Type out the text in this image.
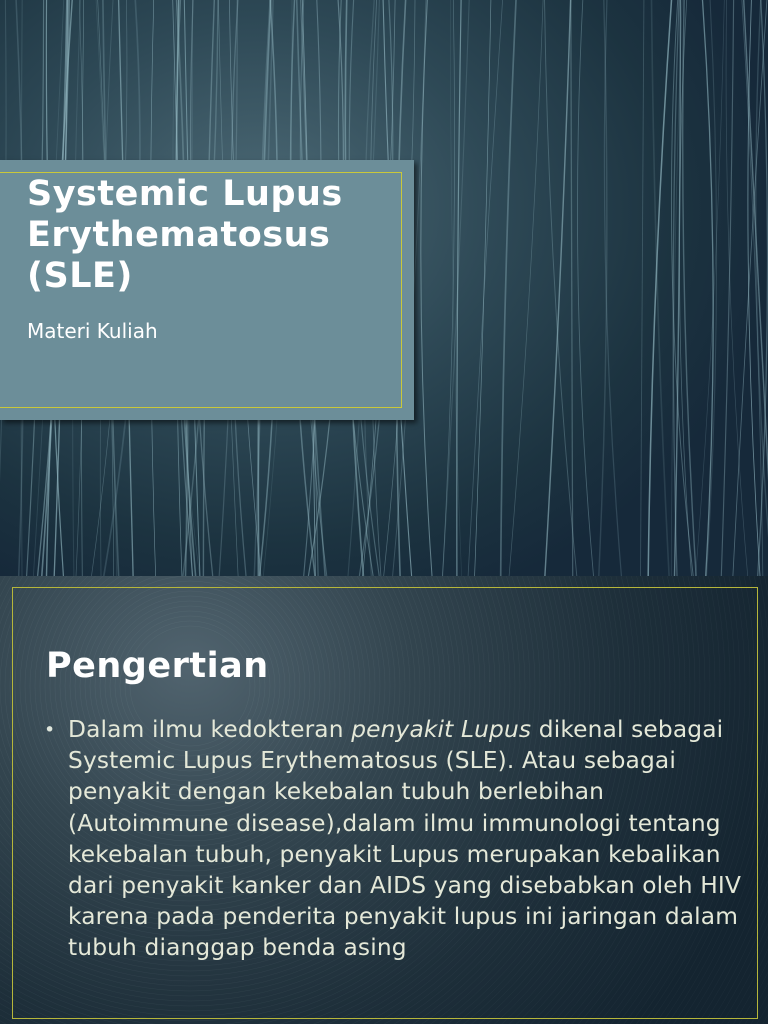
Systemic Lupus
Erythematosus
(SLE)

Materi Kuliah

Pengertian
• Dalam ilmu kedokteran penyakit Lupus dikenal sebagai Systemic Lupus Erythematosus (SLE). Atau sebagai penyakit dengan kekebalan tubuh berlebihan (Autoimmune disease),dalam ilmu immunologi tentang kekebalan tubuh, penyakit Lupus merupakan kebalikan dari penyakit kanker dan AIDS yang disebabkan oleh HIV karena pada penderita penyakit lupus ini jaringan dalam tubuh dianggap benda asing
